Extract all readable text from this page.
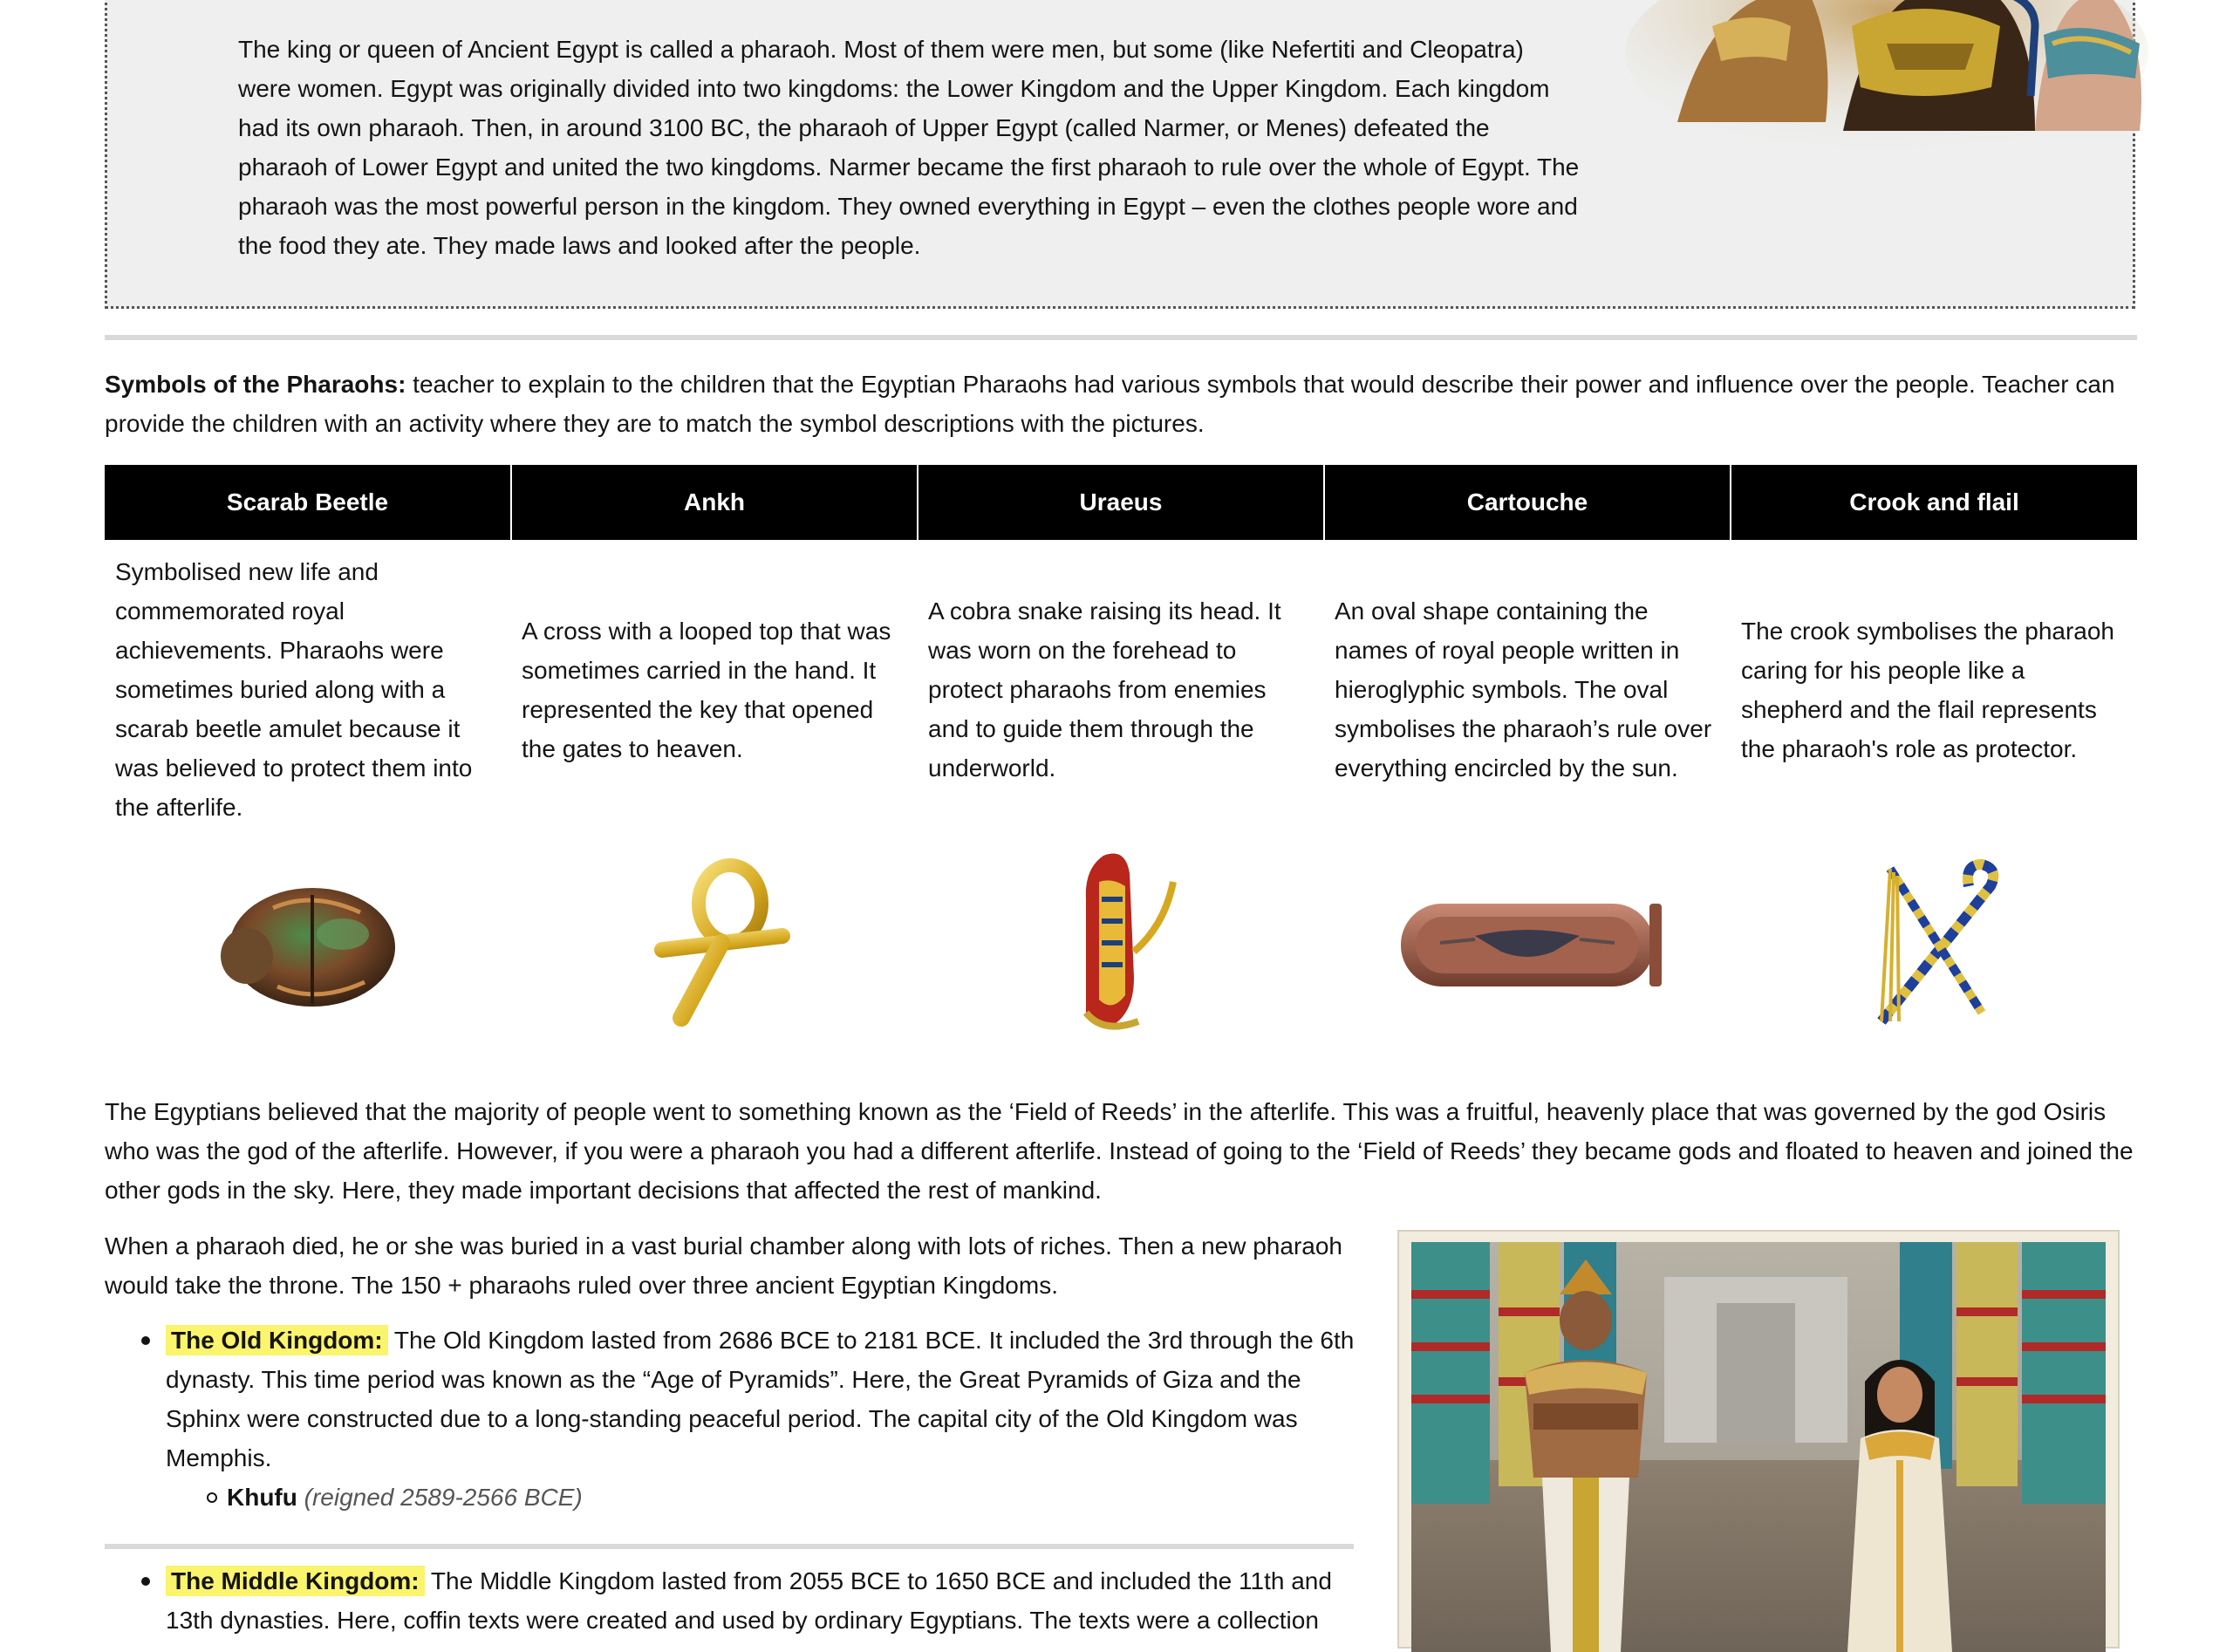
The king or queen of Ancient Egypt is called a pharaoh. Most of them were men, but some (like Nefertiti and Cleopatra) were women. Egypt was originally divided into two kingdoms: the Lower Kingdom and the Upper Kingdom. Each kingdom had its own pharaoh. Then, in around 3100 BC, the pharaoh of Upper Egypt (called Narmer, or Menes) defeated the pharaoh of Lower Egypt and united the two kingdoms. Narmer became the first pharaoh to rule over the whole of Egypt. The pharaoh was the most powerful person in the kingdom. They owned everything in Egypt – even the clothes people wore and the food they ate. They made laws and looked after the people.

Symbols of the Pharaohs: teacher to explain to the children that the Egyptian Pharaohs had various symbols that would describe their power and influence over the people. Teacher can provide the children with an activity where they are to match the symbol descriptions with the pictures.

Scarab Beetle	Ankh	Uraeus	Cartouche	Crook and flail
Symbolised new life and commemorated royal achievements. Pharaohs were sometimes buried along with a scarab beetle amulet because it was believed to protect them into the afterlife.	A cross with a looped top that was sometimes carried in the hand. It represented the key that opened the gates to heaven.	A cobra snake raising its head. It was worn on the forehead to protect pharaohs from enemies and to guide them through the underworld.	An oval shape containing the names of royal people written in hieroglyphic symbols. The oval symbolises the pharaoh’s rule over everything encircled by the sun.	The crook symbolises the pharaoh caring for his people like a shepherd and the flail represents the pharaoh's role as protector.

The Egyptians believed that the majority of people went to something known as the ‘Field of Reeds’ in the afterlife. This was a fruitful, heavenly place that was governed by the god Osiris who was the god of the afterlife. However, if you were a pharaoh you had a different afterlife. Instead of going to the ‘Field of Reeds’ they became gods and floated to heaven and joined the other gods in the sky. Here, they made important decisions that affected the rest of mankind.

When a pharaoh died, he or she was buried in a vast burial chamber along with lots of riches. Then a new pharaoh would take the throne. The 150 + pharaohs ruled over three ancient Egyptian Kingdoms.

The Old Kingdom: The Old Kingdom lasted from 2686 BCE to 2181 BCE. It included the 3rd through the 6th dynasty. This time period was known as the “Age of Pyramids”. Here, the Great Pyramids of Giza and the Sphinx were constructed due to a long-standing peaceful period. The capital city of the Old Kingdom was Memphis.
Khufu (reigned 2589-2566 BCE)
The Middle Kingdom: The Middle Kingdom lasted from 2055 BCE to 1650 BCE and included the 11th and 13th dynasties. Here, coffin texts were created and used by ordinary Egyptians. The texts were a collection
